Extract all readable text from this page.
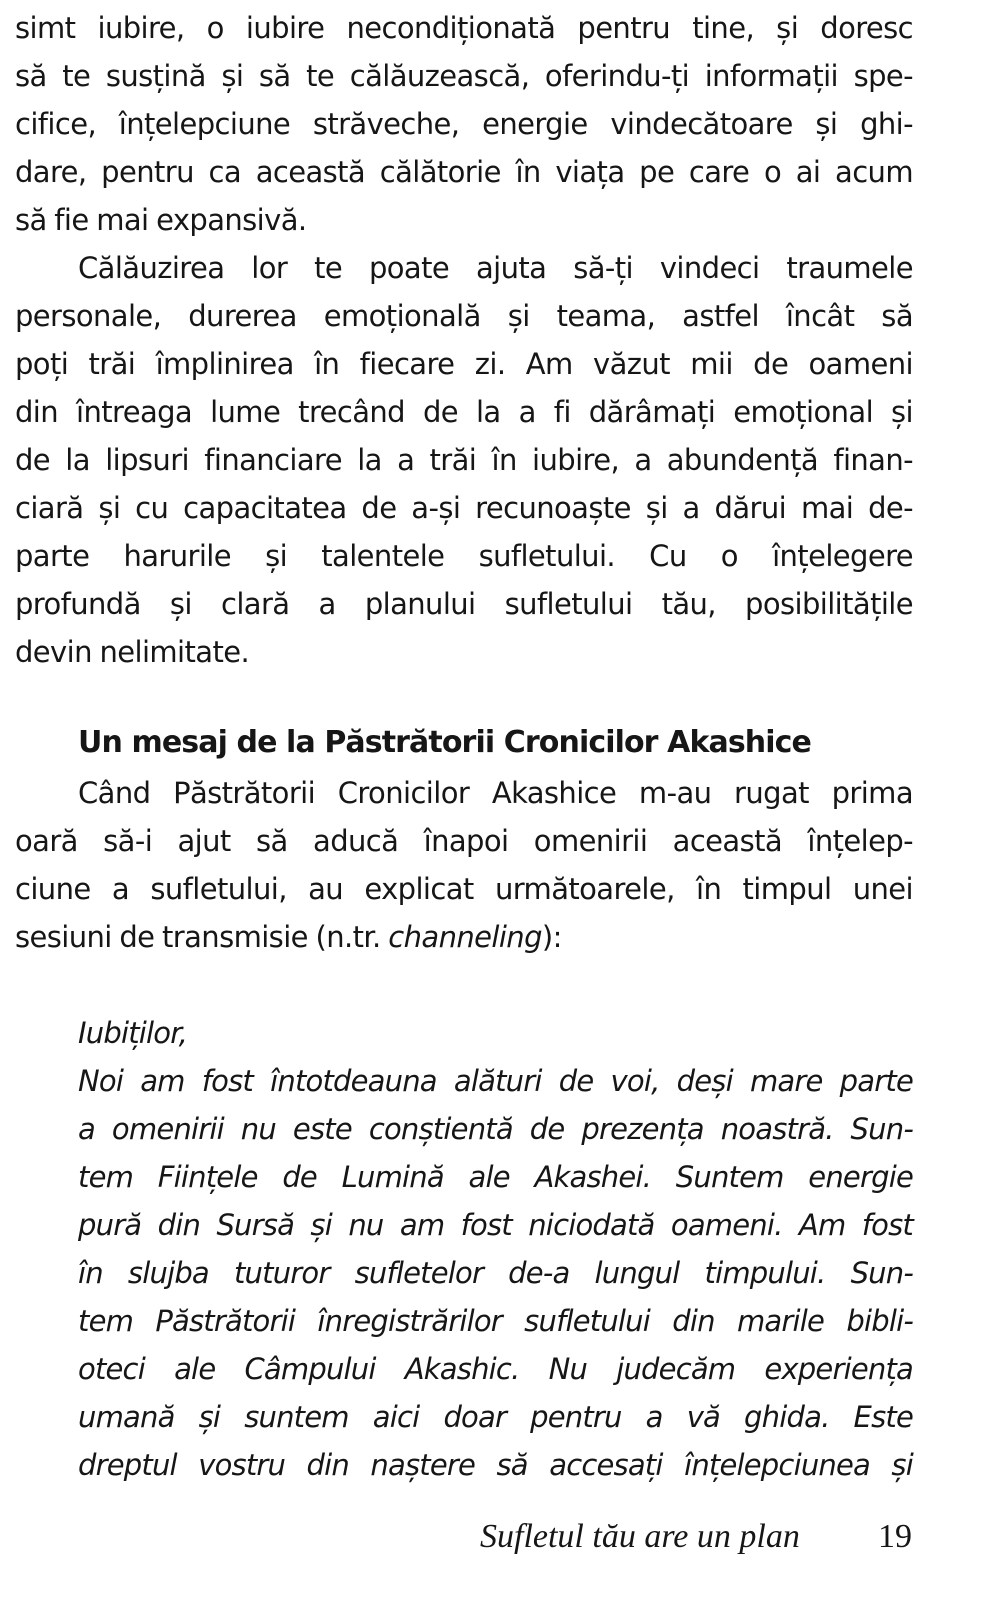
simt iubire, o iubire necondiționată pentru tine, și doresc
să te susțină și să te călăuzească, oferindu-ți informații spe-
cifice, înțelepciune străveche, energie vindecătoare și ghi-
dare, pentru ca această călătorie în viața pe care o ai acum
să fie mai expansivă.
Călăuzirea lor te poate ajuta să-ți vindeci traumele
personale, durerea emoțională și teama, astfel încât să
poți trăi împlinirea în fiecare zi. Am văzut mii de oameni
din întreaga lume trecând de la a fi dărâmați emoțional și
de la lipsuri financiare la a trăi în iubire, a abundență finan-
ciară și cu capacitatea de a-și recunoaște și a dărui mai de-
parte harurile și talentele sufletului. Cu o înțelegere
profundă și clară a planului sufletului tău, posibilitățile
devin nelimitate.
Un mesaj de la Păstrătorii Cronicilor Akashice
Când Păstrătorii Cronicilor Akashice m-au rugat prima
oară să-i ajut să aducă înapoi omenirii această înțelep-
ciune a sufletului, au explicat următoarele, în timpul unei
sesiuni de transmisie (n.tr. channeling):
Iubiților,
Noi am fost întotdeauna alături de voi, deși mare parte
a omenirii nu este conștientă de prezența noastră. Sun-
tem Ființele de Lumină ale Akashei. Suntem energie
pură din Sursă și nu am fost niciodată oameni. Am fost
în slujba tuturor sufletelor de-a lungul timpului. Sun-
tem Păstrătorii înregistrărilor sufletului din marile bibli-
oteci ale Câmpului Akashic. Nu judecăm experiența
umană și suntem aici doar pentru a vă ghida. Este
dreptul vostru din naștere să accesați înțelepciunea și
Sufletul tău are un plan 19
